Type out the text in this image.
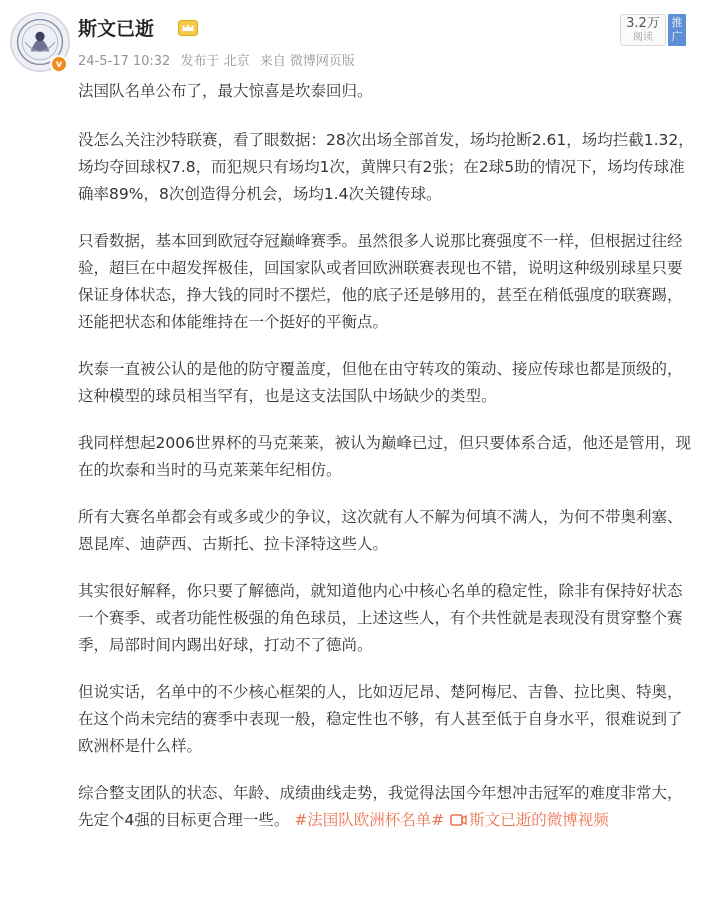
v
斯文已逝
24-5-17 10:32 发布于 北京 来自 微博网页版
3.2万
阅读
推广

法国队名单公布了，最大惊喜是坎泰回归。

没怎么关注沙特联赛，看了眼数据：28次出场全部首发，场均抢断2.61，场均拦截1.32，场均夺回球权7.8，而犯规只有场均1次，黄牌只有2张；在2球5助的情况下，场均传球准确率89%，8次创造得分机会，场均1.4次关键传球。

只看数据，基本回到欧冠夺冠巅峰赛季。虽然很多人说那比赛强度不一样，但根据过往经验，超巨在中超发挥极佳，回国家队或者回欧洲联赛表现也不错，说明这种级别球星只要保证身体状态，挣大钱的同时不摆烂，他的底子还是够用的，甚至在稍低强度的联赛踢，还能把状态和体能维持在一个挺好的平衡点。

坎泰一直被公认的是他的防守覆盖度，但他在由守转攻的策动、接应传球也都是顶级的，这种模型的球员相当罕有，也是这支法国队中场缺少的类型。

我同样想起2006世界杯的马克莱莱，被认为巅峰已过，但只要体系合适，他还是管用，现在的坎泰和当时的马克莱莱年纪相仿。

所有大赛名单都会有或多或少的争议，这次就有人不解为何填不满人，为何不带奥利塞、恩昆库、迪萨西、古斯托、拉卡泽特这些人。

其实很好解释，你只要了解德尚，就知道他内心中核心名单的稳定性，除非有保持好状态一个赛季、或者功能性极强的角色球员，上述这些人，有个共性就是表现没有贯穿整个赛季，局部时间内踢出好球，打动不了德尚。

但说实话，名单中的不少核心框架的人，比如迈尼昂、楚阿梅尼、吉鲁、拉比奥、特奥，在这个尚未完结的赛季中表现一般，稳定性也不够，有人甚至低于自身水平，很难说到了欧洲杯是什么样。

综合整支团队的状态、年龄、成绩曲线走势，我觉得法国今年想冲击冠军的难度非常大，先定个4强的目标更合理一些。 #法国队欧洲杯名单# 斯文已逝的微博视频
